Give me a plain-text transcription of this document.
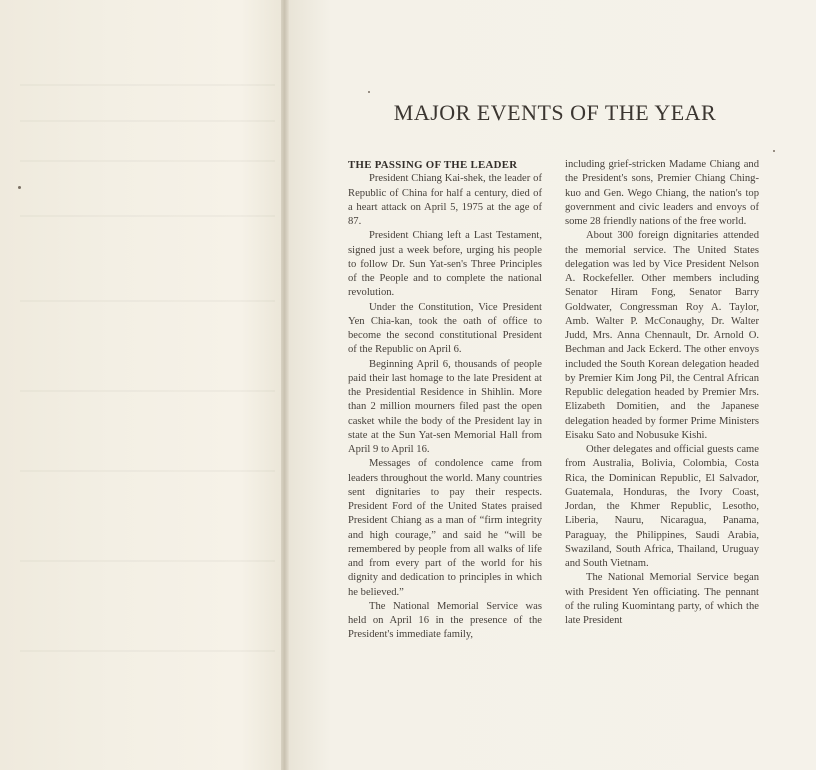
MAJOR EVENTS OF THE YEAR

THE PASSING OF THE LEADER

President Chiang Kai-shek, the leader of Republic of China for half a century, died of a heart attack on April 5, 1975 at the age of 87.

President Chiang left a Last Testament, signed just a week before, urging his people to follow Dr. Sun Yat-sen's Three Principles of the People and to complete the national revolution.

Under the Constitution, Vice President Yen Chia-kan, took the oath of office to become the second constitutional President of the Republic on April 6.

Beginning April 6, thousands of people paid their last homage to the late President at the Presidential Residence in Shihlin. More than 2 million mourners filed past the open casket while the body of the President lay in state at the Sun Yat-sen Memorial Hall from April 9 to April 16.

Messages of condolence came from leaders throughout the world. Many countries sent dignitaries to pay their respects. President Ford of the United States praised President Chiang as a man of “firm integrity and high courage,” and said he “will be remembered by people from all walks of life and from every part of the world for his dignity and dedication to principles in which he believed.”

The National Memorial Service was held on April 16 in the presence of the President's immediate family,

including grief-stricken Madame Chiang and the President's sons, Premier Chiang Ching-kuo and Gen. Wego Chiang, the nation's top government and civic leaders and envoys of some 28 friendly nations of the free world.

About 300 foreign dignitaries attended the memorial service. The United States delegation was led by Vice President Nelson A. Rockefeller. Other members including Senator Hiram Fong, Senator Barry Goldwater, Congressman Roy A. Taylor, Amb. Walter P. McConaughy, Dr. Walter Judd, Mrs. Anna Chennault, Dr. Arnold O. Bechman and Jack Eckerd. The other envoys included the South Korean delegation headed by Premier Kim Jong Pil, the Central African Republic delegation headed by Premier Mrs. Elizabeth Domitien, and the Japanese delegation headed by former Prime Ministers Eisaku Sato and Nobusuke Kishi.

Other delegates and official guests came from Australia, Bolivia, Colombia, Costa Rica, the Dominican Republic, El Salvador, Guatemala, Honduras, the Ivory Coast, Jordan, the Khmer Republic, Lesotho, Liberia, Nauru, Nicaragua, Panama, Paraguay, the Philippines, Saudi Arabia, Swaziland, South Africa, Thailand, Uruguay and South Vietnam.

The National Memorial Service began with President Yen officiating. The pennant of the ruling Kuomintang party, of which the late President
